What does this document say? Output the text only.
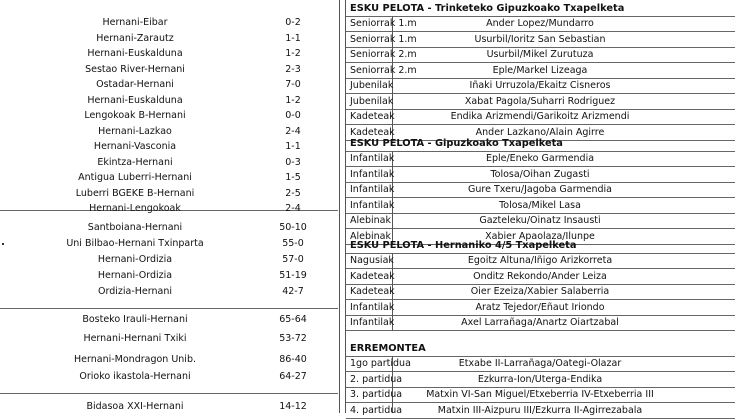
Hernani-Eibar	0-2
Hernani-Zarautz	1-1
Hernani-Euskalduna	1-2
Sestao River-Hernani	2-3
Ostadar-Hernani	7-0
Hernani-Euskalduna	1-2
Lengokoak B-Hernani	0-0
Hernani-Lazkao	2-4
Hernani-Vasconia	1-1
Ekintza-Hernani	0-3
Antigua Luberri-Hernani	1-5
Luberri BGEKE B-Hernani	2-5
Hernani-Lengokoak	2-4
Santboiana-Hernani	50-10
Uni Bilbao-Hernani Txinparta	55-0
Hernani-Ordizia	57-0
Hernani-Ordizia	51-19
Ordizia-Hernani	42-7
Bosteko Irauli-Hernani	65-64
Hernani-Hernani Txiki	53-72
Hernani-Mondragon Unib.	86-40
Orioko ikastola-Hernani	64-27
Bidasoa XXI-Hernani	14-12
ESKU PELOTA - Trinketeko Gipuzkoako Txapelketa
Seniorrak 1.m	Ander Lopez/Mundarro
Seniorrak 1.m	Usurbil/Ioritz San Sebastian
Seniorrak 2.m	Usurbil/Mikel Zurutuza
Seniorrak 2.m	Eple/Markel Lizeaga
Jubenilak	Iñaki Urruzola/Ekaitz Cisneros
Jubenilak	Xabat Pagola/Suharri Rodriguez
Kadeteak	Endika Arizmendi/Garikoitz Arizmendi
Kadeteak	Ander Lazkano/Alain Agirre
ESKU PELOTA - Gipuzkoako Txapelketa
Infantilak	Eple/Eneko Garmendia
Infantilak	Tolosa/Oihan Zugasti
Infantilak	Gure Txeru/Jagoba Garmendia
Infantilak	Tolosa/Mikel Lasa
Alebinak	Gazteleku/Oinatz Insausti
Alebinak	Xabier Apaolaza/Ilunpe
ESKU PELOTA - Hernaniko 4/5 Txapelketa
Nagusiak	Egoitz Altuna/Iñigo Arizkorreta
Kadeteak	Onditz Rekondo/Ander Leiza
Kadeteak	Oier Ezeiza/Xabier Salaberria
Infantilak	Aratz Tejedor/Eñaut Iriondo
Infantilak	Axel Larrañaga/Anartz Oiartzabal
ERREMONTEA
1go partidua	Etxabe II-Larrañaga/Oategi-Olazar
2. partidua	Ezkurra-Ion/Uterga-Endika
3. partidua	Matxin VI-San Miguel/Etxeberria IV-Etxeberria III
4. partidua	Matxin III-Aizpuru III/Ezkurra II-Agirrezabala
